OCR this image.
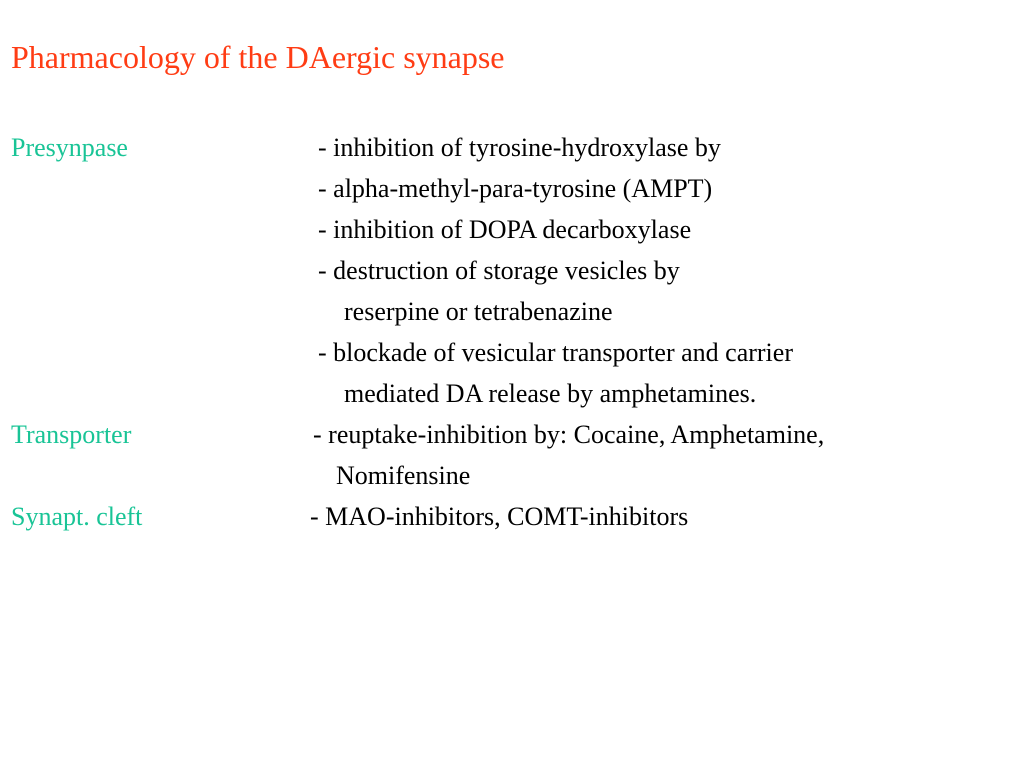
Pharmacology of the DAergic synapse
Presynpase	- inhibition of tyrosine-hydroxylase by
- alpha-methyl-para-tyrosine (AMPT)
- inhibition of DOPA decarboxylase
- destruction of storage vesicles by
reserpine or tetrabenazine
- blockade of vesicular transporter and carrier
mediated DA release by amphetamines.
Transporter	- reuptake-inhibition by: Cocaine, Amphetamine,
Nomifensine
Synapt. cleft	- MAO-inhibitors, COMT-inhibitors
